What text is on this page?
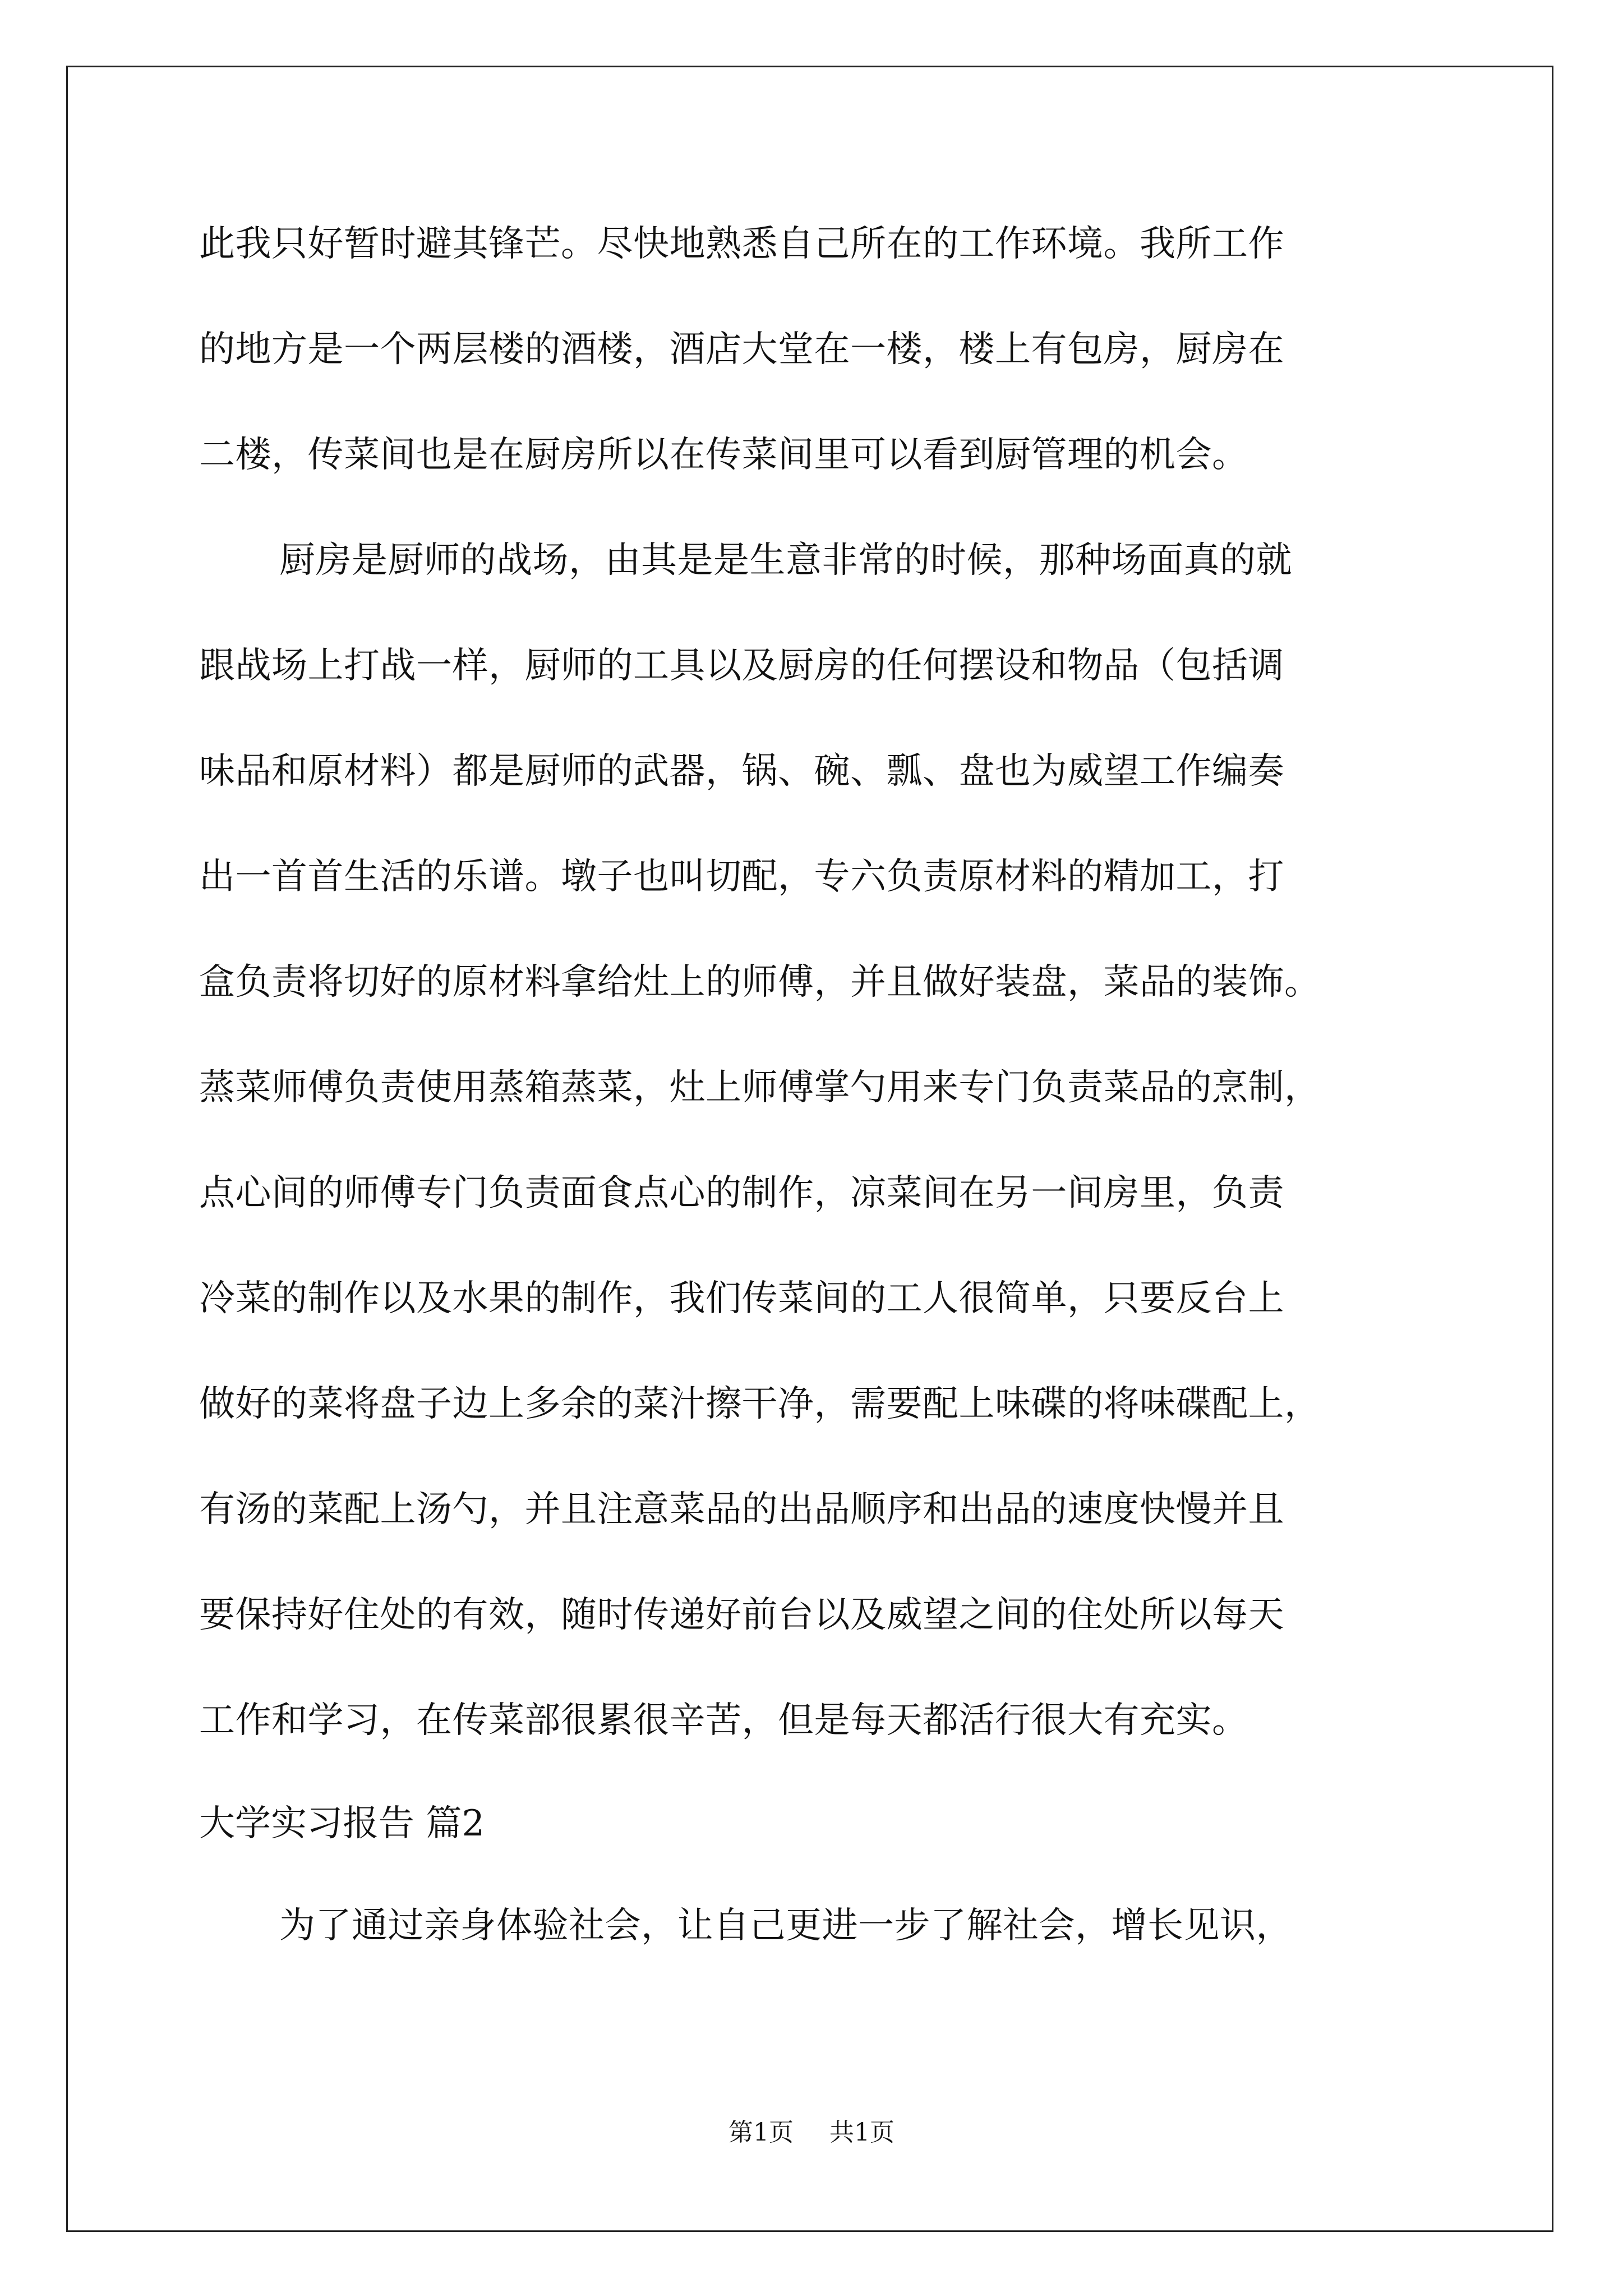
此我只好暂时避其锋芒。尽快地熟悉自己所在的工作环境。我所工作
的地方是一个两层楼的酒楼，酒店大堂在一楼，楼上有包房，厨房在
二楼，传菜间也是在厨房所以在传菜间里可以看到厨管理的机会。
厨房是厨师的战场，由其是是生意非常的时候，那种场面真的就
跟战场上打战一样，厨师的工具以及厨房的任何摆设和物品（包括调
味品和原材料）都是厨师的武器，锅、碗、瓢、盘也为威望工作编奏
出一首首生活的乐谱。墩子也叫切配，专六负责原材料的精加工，打
盒负责将切好的原材料拿给灶上的师傅，并且做好装盘，菜品的装饰。
蒸菜师傅负责使用蒸箱蒸菜，灶上师傅掌勺用来专门负责菜品的烹制，
点心间的师傅专门负责面食点心的制作，凉菜间在另一间房里，负责
冷菜的制作以及水果的制作，我们传菜间的工人很简单，只要反台上
做好的菜将盘子边上多余的菜汁擦干净，需要配上味碟的将味碟配上，
有汤的菜配上汤勺，并且注意菜品的出品顺序和出品的速度快慢并且
要保持好住处的有效，随时传递好前台以及威望之间的住处所以每天
工作和学习，在传菜部很累很辛苦，但是每天都活行很大有充实。
大学实习报告 篇2
为了通过亲身体验社会，让自己更进一步了解社会，增长见识，
第1页 共1页
